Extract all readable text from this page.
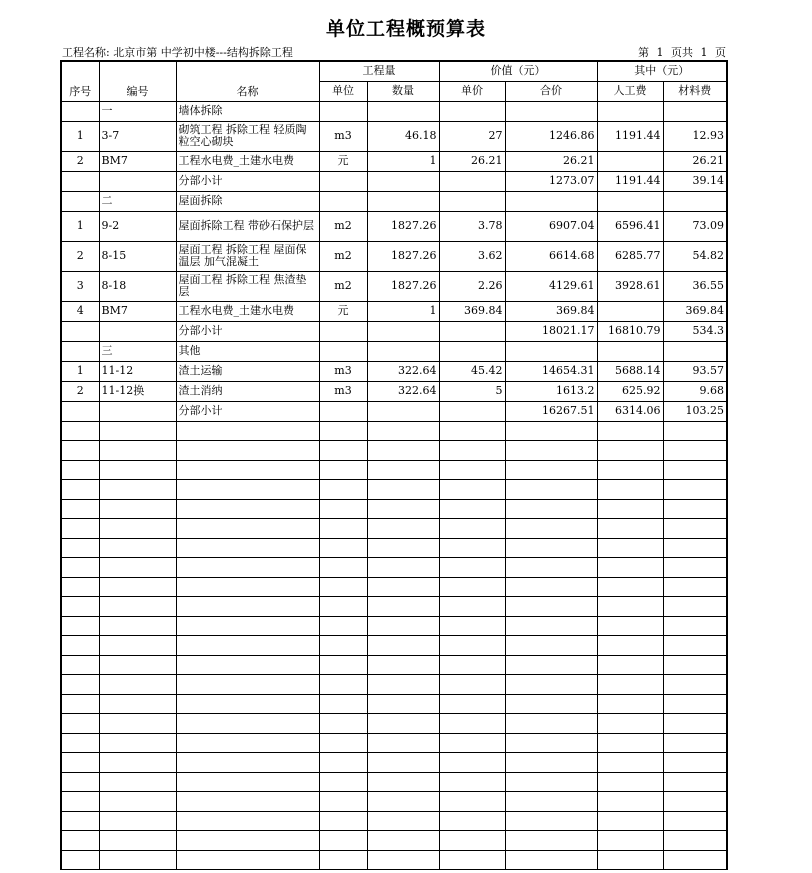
单位工程概预算表
工程名称: 北京市第 中学初中楼---结构拆除工程	第 1 页共 1 页
序号	编号	名称	工程量		价值（元）		其中（元）	
			单位	数量	单价	合价	人工费	材料费
	一	墙体拆除						
1	3-7	砌筑工程 拆除工程 轻质陶粒空心砌块	m3	46.18	27	1246.86	1191.44	12.93
2	BM7	工程水电费_土建水电费	元	1	26.21	26.21		26.21
		分部小计				1273.07	1191.44	39.14
	二	屋面拆除						
1	9-2	屋面拆除工程 带砂石保护层	m2	1827.26	3.78	6907.04	6596.41	73.09
2	8-15	屋面工程 拆除工程 屋面保温层 加气混凝土	m2	1827.26	3.62	6614.68	6285.77	54.82
3	8-18	屋面工程 拆除工程 焦渣垫层	m2	1827.26	2.26	4129.61	3928.61	36.55
4	BM7	工程水电费_土建水电费	元	1	369.84	369.84		369.84
		分部小计				18021.17	16810.79	534.3
	三	其他						
1	11-12	渣土运输	m3	322.64	45.42	14654.31	5688.14	93.57
2	11-12换	渣土消纳	m3	322.64	5	1613.2	625.92	9.68
		分部小计				16267.51	6314.06	103.25
